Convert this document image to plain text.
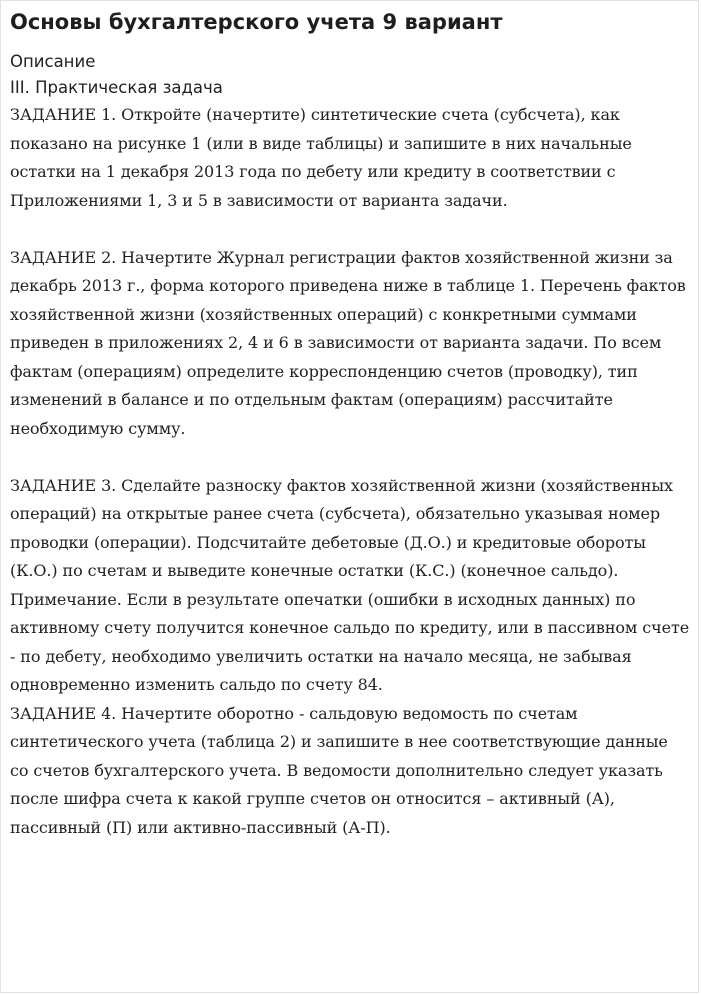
Основы бухгалтерского учета 9 вариант
Описание
III. Практическая задача

ЗАДАНИЕ 1. Откройте (начертите) синтетические счета (субсчета), как показано на рисунке 1 (или в виде таблицы) и запишите в них начальные остатки на 1 декабря 2013 года по дебету или кредиту в соответствии с Приложениями 1, 3 и 5 в зависимости от варианта задачи.

ЗАДАНИЕ 2. Начертите Журнал регистрации фактов хозяйственной жизни за декабрь 2013 г., форма которого приведена ниже в таблице 1. Перечень фактов хозяйственной жизни (хозяйственных операций) с конкретными суммами приведен в приложениях 2, 4 и 6 в зависимости от варианта задачи. По всем фактам (операциям) определите корреспонденцию счетов (проводку), тип изменений в балансе и по отдельным фактам (операциям) рассчитайте необходимую сумму.

ЗАДАНИЕ 3. Сделайте разноску фактов хозяйственной жизни (хозяйственных операций) на открытые ранее счета (субсчета), обязательно указывая номер проводки (операции). Подсчитайте дебетовые (Д.О.) и кредитовые обороты (К.О.) по счетам и выведите конечные остатки (К.С.) (конечное сальдо).

Примечание. Если в результате опечатки (ошибки в исходных данных) по активному счету получится конечное сальдо по кредиту, или в пассивном счете - по дебету, необходимо увеличить остатки на начало месяца, не забывая одновременно изменить сальдо по счету 84.

ЗАДАНИЕ 4. Начертите оборотно - сальдовую ведомость по счетам синтетического учета (таблица 2) и запишите в нее соответствующие данные со счетов бухгалтерского учета. В ведомости дополнительно следует указать после шифра счета к какой группе счетов он относится – активный (А), пассивный (П) или активно-пассивный (А-П).
